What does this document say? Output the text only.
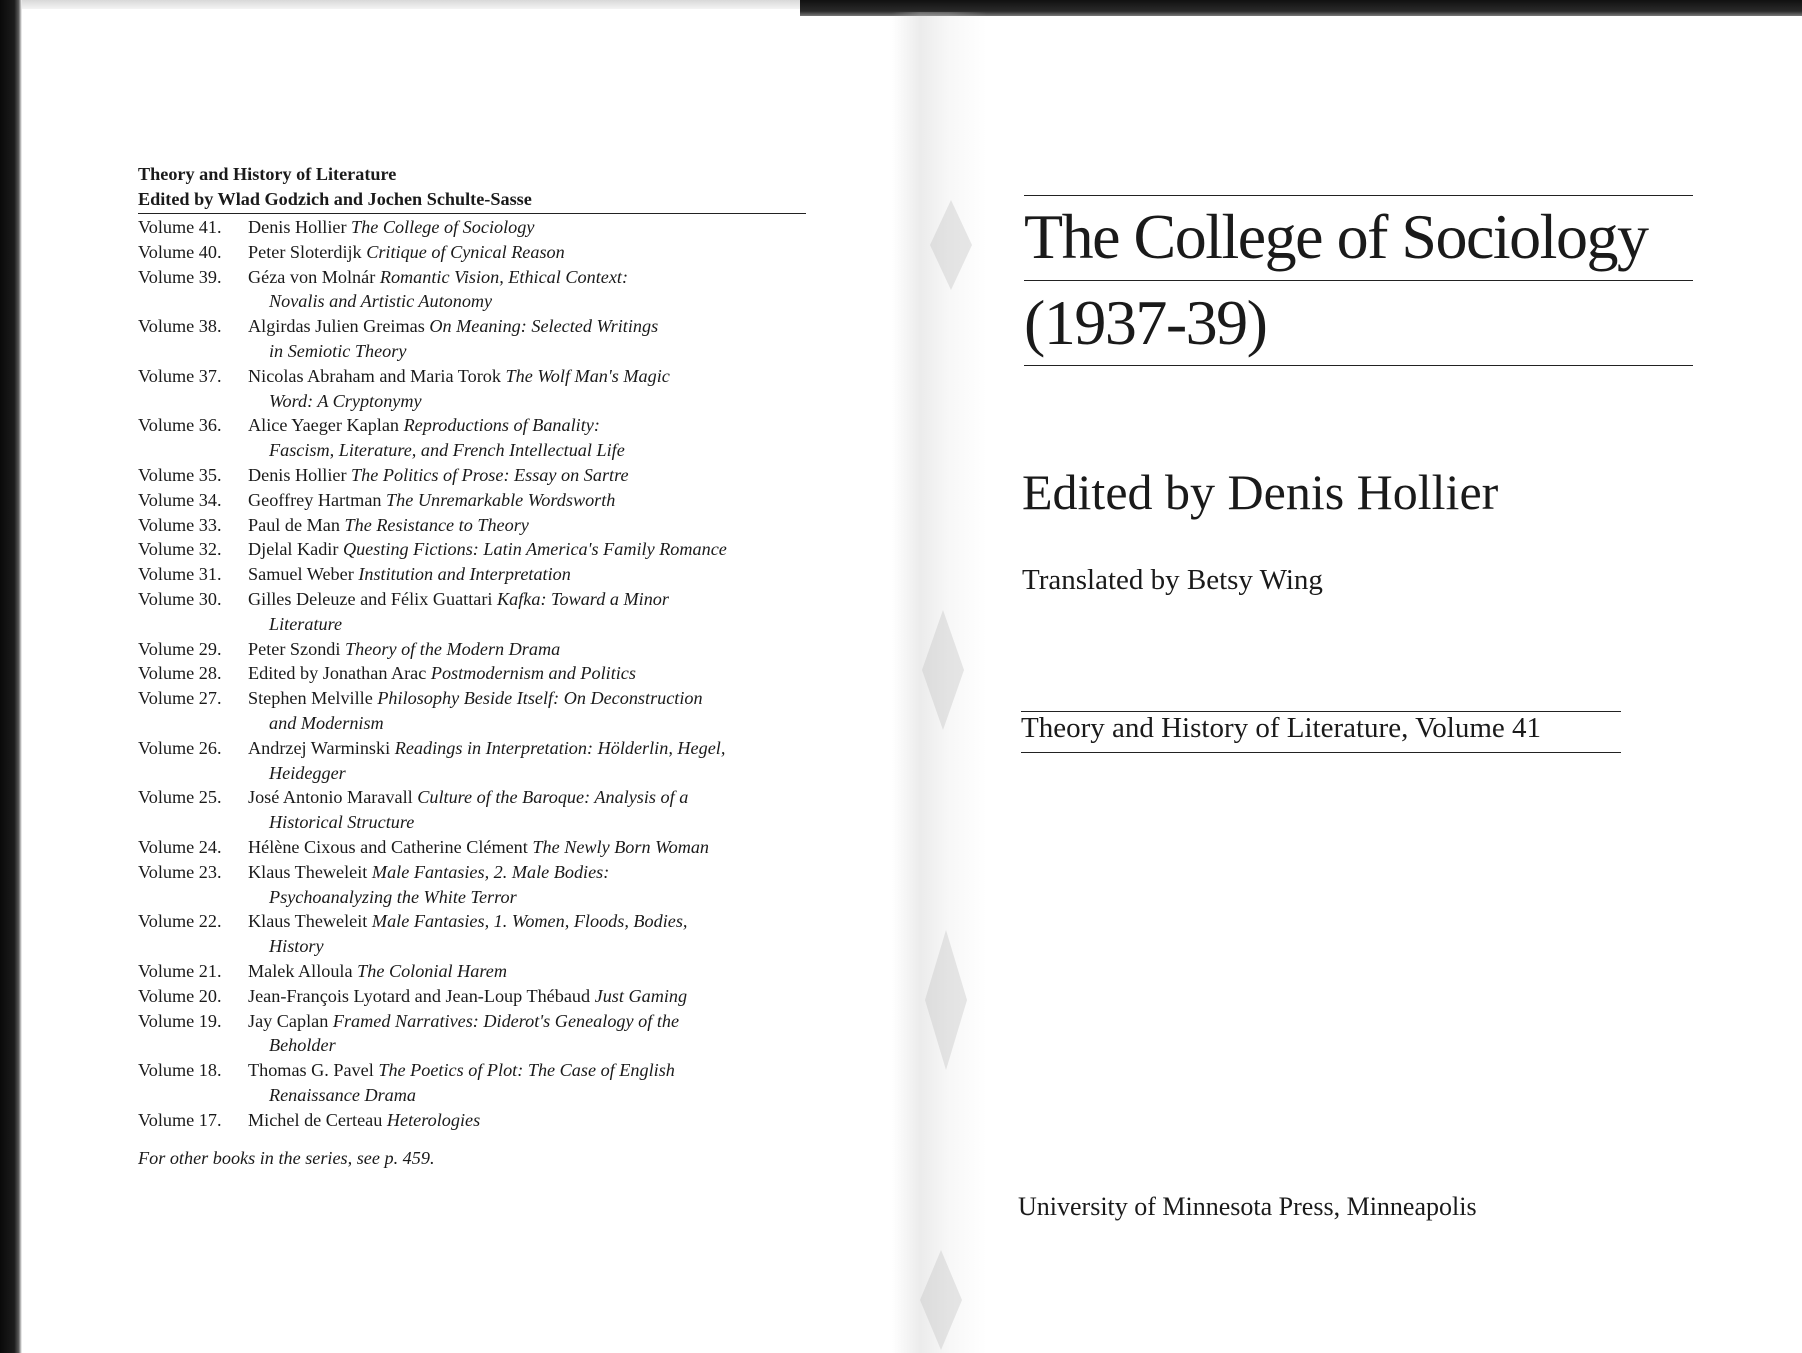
Theory and History of Literature
Edited by Wlad Godzich and Jochen Schulte-Sasse
Volume 41.	Denis Hollier The College of Sociology
Volume 40.	Peter Sloterdijk Critique of Cynical Reason
Volume 39.	Géza von Molnár Romantic Vision, Ethical Context:
Novalis and Artistic Autonomy
Volume 38.	Algirdas Julien Greimas On Meaning: Selected Writings
in Semiotic Theory
Volume 37.	Nicolas Abraham and Maria Torok The Wolf Man's Magic
Word: A Cryptonymy
Volume 36.	Alice Yaeger Kaplan Reproductions of Banality:
Fascism, Literature, and French Intellectual Life
Volume 35.	Denis Hollier The Politics of Prose: Essay on Sartre
Volume 34.	Geoffrey Hartman The Unremarkable Wordsworth
Volume 33.	Paul de Man The Resistance to Theory
Volume 32.	Djelal Kadir Questing Fictions: Latin America's Family Romance
Volume 31.	Samuel Weber Institution and Interpretation
Volume 30.	Gilles Deleuze and Félix Guattari Kafka: Toward a Minor
Literature
Volume 29.	Peter Szondi Theory of the Modern Drama
Volume 28.	Edited by Jonathan Arac Postmodernism and Politics
Volume 27.	Stephen Melville Philosophy Beside Itself: On Deconstruction
and Modernism
Volume 26.	Andrzej Warminski Readings in Interpretation: Hölderlin, Hegel,
Heidegger
Volume 25.	José Antonio Maravall Culture of the Baroque: Analysis of a
Historical Structure
Volume 24.	Hélène Cixous and Catherine Clément The Newly Born Woman
Volume 23.	Klaus Theweleit Male Fantasies, 2. Male Bodies:
Psychoanalyzing the White Terror
Volume 22.	Klaus Theweleit Male Fantasies, 1. Women, Floods, Bodies,
History
Volume 21.	Malek Alloula The Colonial Harem
Volume 20.	Jean-François Lyotard and Jean-Loup Thébaud Just Gaming
Volume 19.	Jay Caplan Framed Narratives: Diderot's Genealogy of the
Beholder
Volume 18.	Thomas G. Pavel The Poetics of Plot: The Case of English
Renaissance Drama
Volume 17.	Michel de Certeau Heterologies
For other books in the series, see p. 459.
The College of Sociology
(1937-39)
Edited by Denis Hollier
Translated by Betsy Wing
Theory and History of Literature, Volume 41
University of Minnesota Press, Minneapolis
